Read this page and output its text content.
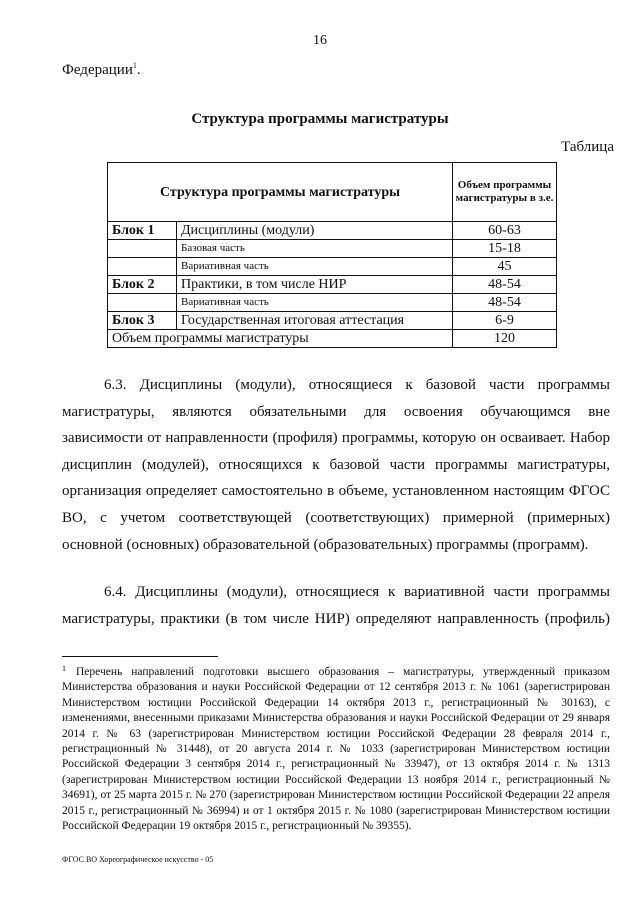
16
Федерации$^1$.
Структура программы магистратуры
Таблица
Структура программы магистратуры		Объем программы магистратуры в з.е.
Блок 1	Дисциплины (модули)	60-63
	Базовая часть	15-18
	Вариативная часть	45
Блок 2	Практики, в том числе НИР	48-54
	Вариативная часть	48-54
Блок 3	Государственная итоговая аттестация	6-9
Объем программы магистратуры		120

6.3. Дисциплины (модули), относящиеся к базовой части программы магистратуры, являются обязательными для освоения обучающимся вне зависимости от направленности (профиля) программы, которую он осваивает. Набор дисциплин (модулей), относящихся к базовой части программы магистратуры, организация определяет самостоятельно в объеме, установленном настоящим ФГОС ВО, с учетом соответствующей (соответствующих) примерной (примерных) основной (основных) образовательной (образовательных) программы (программ).

6.4. Дисциплины (модули), относящиеся к вариативной части программы магистратуры, практики (в том числе НИР) определяют направленность (профиль)

$^1$ Перечень направлений подготовки высшего образования – магистратуры, утвержденный приказом Министерства образования и науки Российской Федерации от 12 сентября 2013 г. № 1061 (зарегистрирован Министерством юстиции Российской Федерации 14 октября 2013 г., регистрационный № 30163), с изменениями, внесенными приказами Министерства образования и науки Российской Федерации от 29 января 2014 г. № 63 (зарегистрирован Министерством юстиции Российской Федерации 28 февраля 2014 г., регистрационный № 31448), от 20 августа 2014 г. № 1033 (зарегистрирован Министерством юстиции Российской Федерации 3 сентября 2014 г., регистрационный № 33947), от 13 октября 2014 г. № 1313 (зарегистрирован Министерством юстиции Российской Федерации 13 ноября 2014 г., регистрационный № 34691), от 25 марта 2015 г. № 270 (зарегистрирован Министерством юстиции Российской Федерации 22 апреля 2015 г., регистрационный № 36994) и от 1 октября 2015 г. № 1080 (зарегистрирован Министерством юстиции Российской Федерации 19 октября 2015 г., регистрационный № 39355).

ФГОС ВО Хореографическое искусство - 05
